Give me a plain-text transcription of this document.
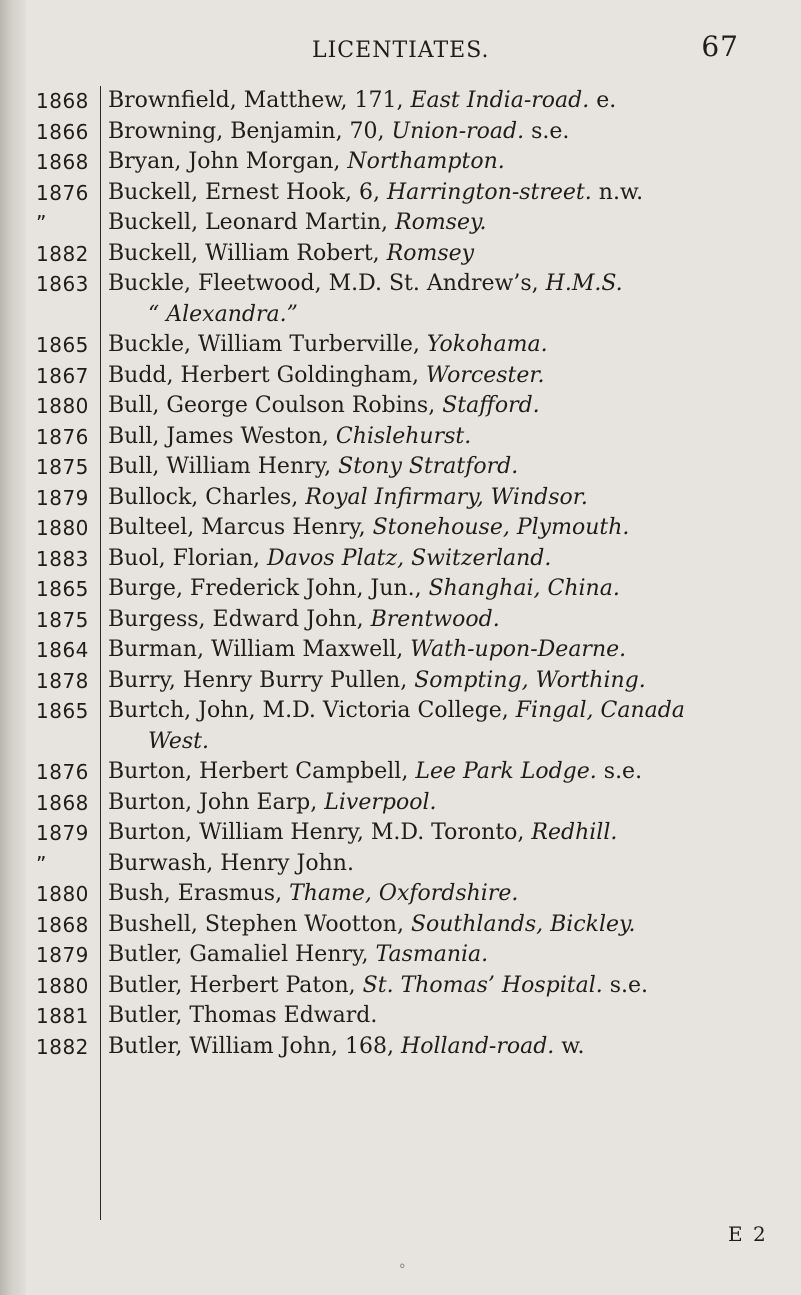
LICENTIATES.	67
1868 Brownfield, Matthew, 171, East India-road. e.
1866 Browning, Benjamin, 70, Union-road. s.e.
1868 Bryan, John Morgan, Northampton.
1876 Buckell, Ernest Hook, 6, Harrington-street. n.w.
”	Buckell, Leonard Martin, Romsey.
1882 Buckell, William Robert, Romsey
1863 Buckle, Fleetwood, M.D. St. Andrew’s, H.M.S.
“ Alexandra.”
1865 Buckle, William Turberville, Yokohama.
1867 Budd, Herbert Goldingham, Worcester.
1880 Bull, George Coulson Robins, Stafford.
1876 Bull, James Weston, Chislehurst.
1875 Bull, William Henry, Stony Stratford.
1879 Bullock, Charles, Royal Infirmary, Windsor.
1880 Bulteel, Marcus Henry, Stonehouse, Plymouth.
1883 Buol, Florian, Davos Platz, Switzerland.
1865 Burge, Frederick John, Jun., Shanghai, China.
1875 Burgess, Edward John, Brentwood.
1864 Burman, William Maxwell, Wath-upon-Dearne.
1878 Burry, Henry Burry Pullen, Sompting, Worthing.
1865 Burtch, John, M.D. Victoria College, Fingal, Canada
West.
1876 Burton, Herbert Campbell, Lee Park Lodge. s.e.
1868 Burton, John Earp, Liverpool.
1879 Burton, William Henry, M.D. Toronto, Redhill.
”	Burwash, Henry John.
1880 Bush, Erasmus, Thame, Oxfordshire.
1868 Bushell, Stephen Wootton, Southlands, Bickley.
1879 Butler, Gamaliel Henry, Tasmania.
1880 Butler, Herbert Paton, St. Thomas’ Hospital. s.e.
1881 Butler, Thomas Edward.
1882 Butler, William John, 168, Holland-road. w.
E 2
 °
